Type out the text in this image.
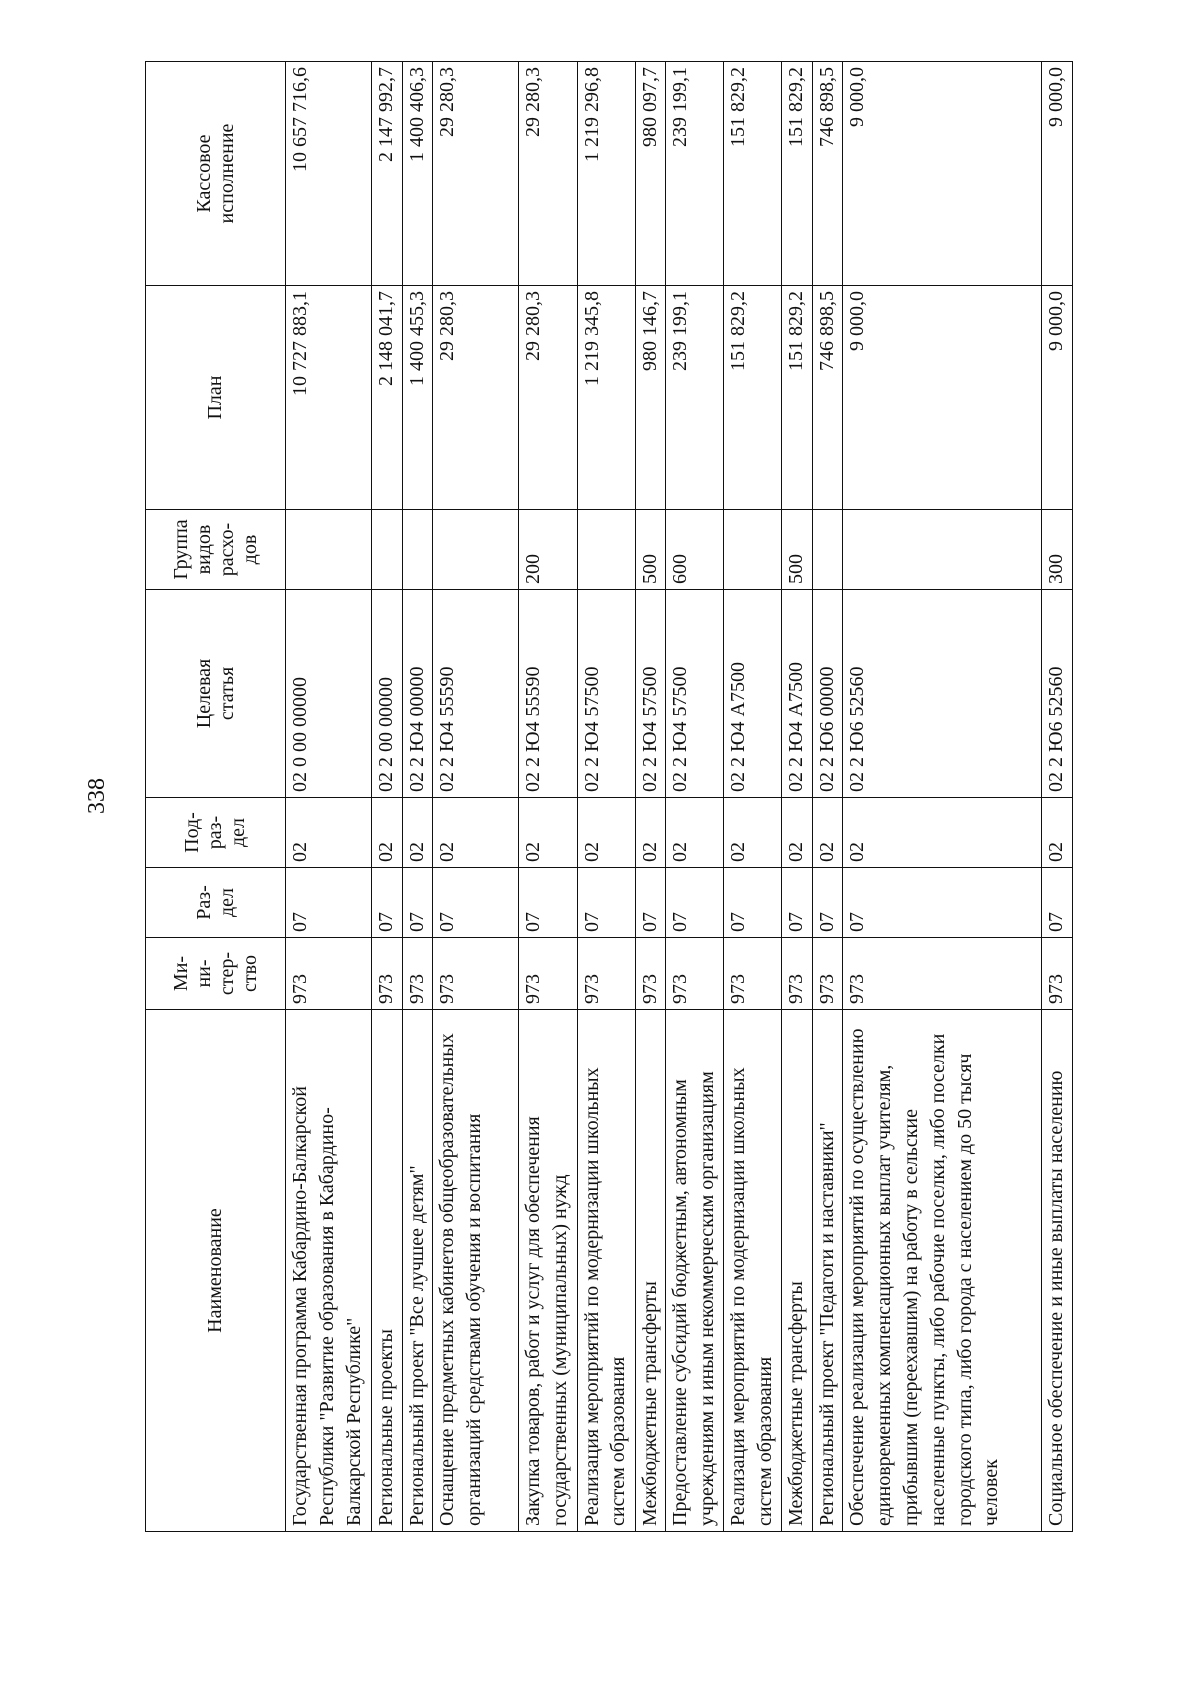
338
Наименование	Ми-
ни-
стер-
ство	Раз-
дел	Под-
раз-
дел	Целевая
статья	Группа
видов
расхо-
дов	План	Кассовое
исполнение
Государственная программа Кабардино-Балкарской Республики "Развитие образования в Кабардино-Балкарской Республике"	973	07	02	02 0 00 00000		10 727 883,1	10 657 716,6
Региональные проекты	973	07	02	02 2 00 00000		2 148 041,7	2 147 992,7
Региональный проект "Все лучшее детям"	973	07	02	02 2 Ю4 00000		1 400 455,3	1 400 406,3
Оснащение предметных кабинетов общеобразовательных организаций средствами обучения и воспитания	973	07	02	02 2 Ю4 55590		29 280,3	29 280,3
Закупка товаров, работ и услуг для обеспечения государственных (муниципальных) нужд	973	07	02	02 2 Ю4 55590	200	29 280,3	29 280,3
Реализация мероприятий по модернизации школьных систем образования	973	07	02	02 2 Ю4 57500		1 219 345,8	1 219 296,8
Межбюджетные трансферты	973	07	02	02 2 Ю4 57500	500	980 146,7	980 097,7
Предоставление субсидий бюджетным, автономным учреждениям и иным некоммерческим организациям	973	07	02	02 2 Ю4 57500	600	239 199,1	239 199,1
Реализация мероприятий по модернизации школьных систем образования	973	07	02	02 2 Ю4 А7500		151 829,2	151 829,2
Межбюджетные трансферты	973	07	02	02 2 Ю4 А7500	500	151 829,2	151 829,2
Региональный проект "Педагоги и наставники"	973	07	02	02 2 Ю6 00000		746 898,5	746 898,5
Обеспечение реализации мероприятий по осуществлению единовременных компенсационных выплат учителям, прибывшим (переехавшим) на работу в сельские населенные пункты, либо рабочие поселки, либо поселки городского типа, либо города с населением до 50 тысяч человек	973	07	02	02 2 Ю6 52560		9 000,0	9 000,0
Социальное обеспечение и иные выплаты населению	973	07	02	02 2 Ю6 52560	300	9 000,0	9 000,0
